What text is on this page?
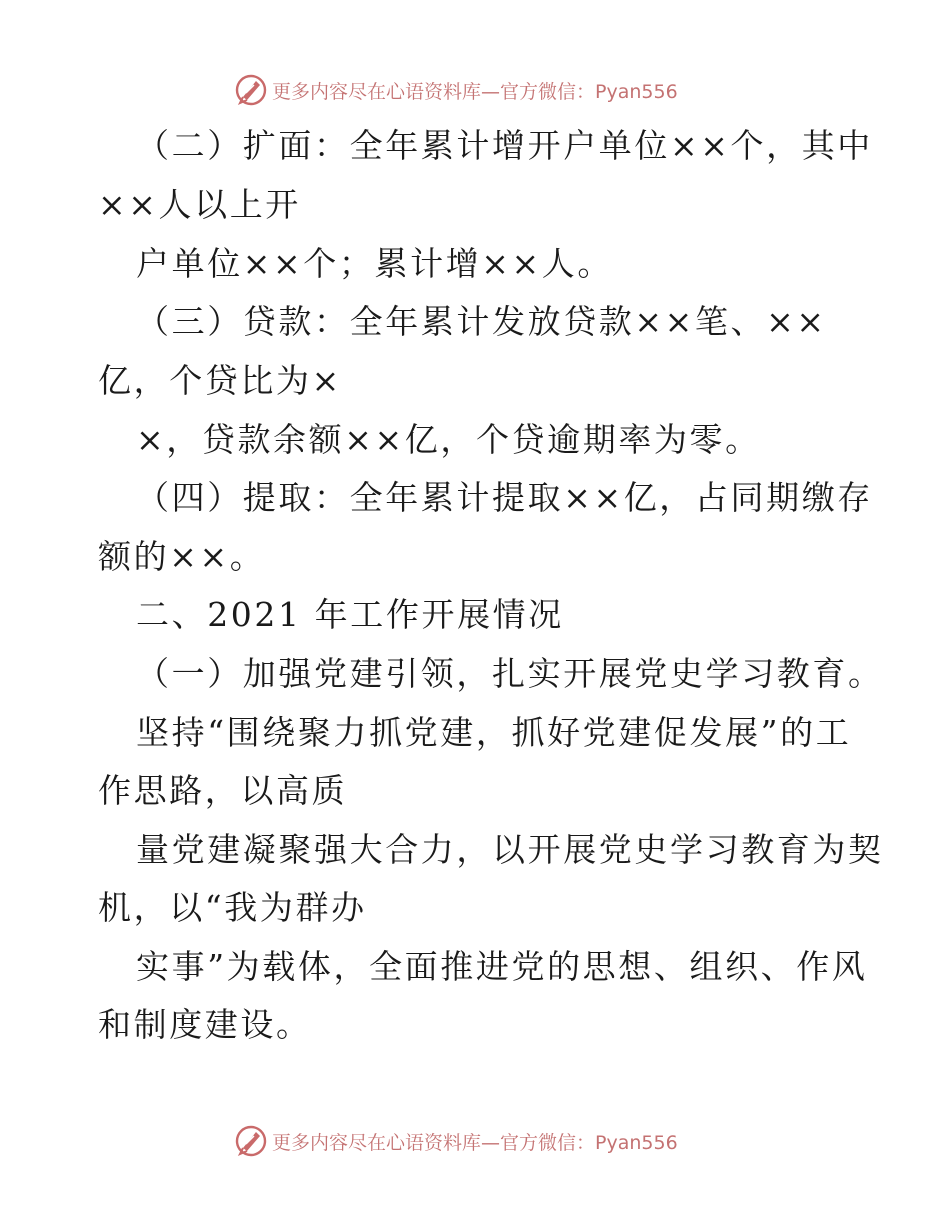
更多内容尽在心语资料库—官方微信：Pyan556
（二）扩面：全年累计增开户单位××个，其中
××人以上开
户单位××个；累计增××人。
（三）贷款：全年累计发放贷款××笔、××
亿，个贷比为×
×，贷款余额××亿，个贷逾期率为零。
（四）提取：全年累计提取××亿，占同期缴存
额的××。
二、2021 年工作开展情况
（一）加强党建引领，扎实开展党史学习教育。
坚持“围绕聚力抓党建，抓好党建促发展”的工
作思路，以高质
量党建凝聚强大合力，以开展党史学习教育为契
机，以“我为群办
实事”为载体，全面推进党的思想、组织、作风
和制度建设。
更多内容尽在心语资料库—官方微信：Pyan556
